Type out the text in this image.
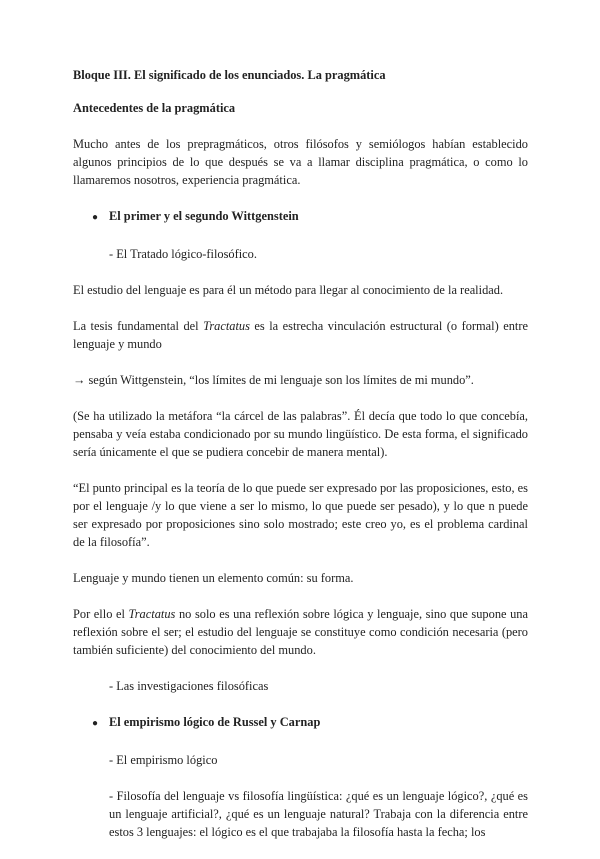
Bloque III. El significado de los enunciados. La pragmática

Antecedentes de la pragmática

Mucho antes de los prepragmáticos, otros filósofos y semiólogos habían establecido algunos principios de lo que después se va a llamar disciplina pragmática, o como lo llamaremos nosotros, experiencia pragmática.

● El primer y el segundo Wittgenstein

- El Tratado lógico-filosófico.

El estudio del lenguaje es para él un método para llegar al conocimiento de la realidad.

La tesis fundamental del Tractatus es la estrecha vinculación estructural (o formal) entre lenguaje y mundo

→ según Wittgenstein, “los límites de mi lenguaje son los límites de mi mundo”.

(Se ha utilizado la metáfora “la cárcel de las palabras”. Él decía que todo lo que concebía, pensaba y veía estaba condicionado por su mundo lingüístico. De esta forma, el significado sería únicamente el que se pudiera concebir de manera mental).

“El punto principal es la teoría de lo que puede ser expresado por las proposiciones, esto, es por el lenguaje /y lo que viene a ser lo mismo, lo que puede ser pesado), y lo que n puede ser expresado por proposiciones sino solo mostrado; este creo yo, es el problema cardinal de la filosofía”.

Lenguaje y mundo tienen un elemento común: su forma.

Por ello el Tractatus no solo es una reflexión sobre lógica y lenguaje, sino que supone una reflexión sobre el ser; el estudio del lenguaje se constituye como condición necesaria (pero también suficiente) del conocimiento del mundo.

- Las investigaciones filosóficas

● El empirismo lógico de Russel y Carnap

- El empirismo lógico

- Filosofía del lenguaje vs filosofía lingüística: ¿qué es un lenguaje lógico?, ¿qué es un lenguaje artificial?, ¿qué es un lenguaje natural? Trabaja con la diferencia entre estos 3 lenguajes: el lógico es el que trabajaba la filosofía hasta la fecha; los
